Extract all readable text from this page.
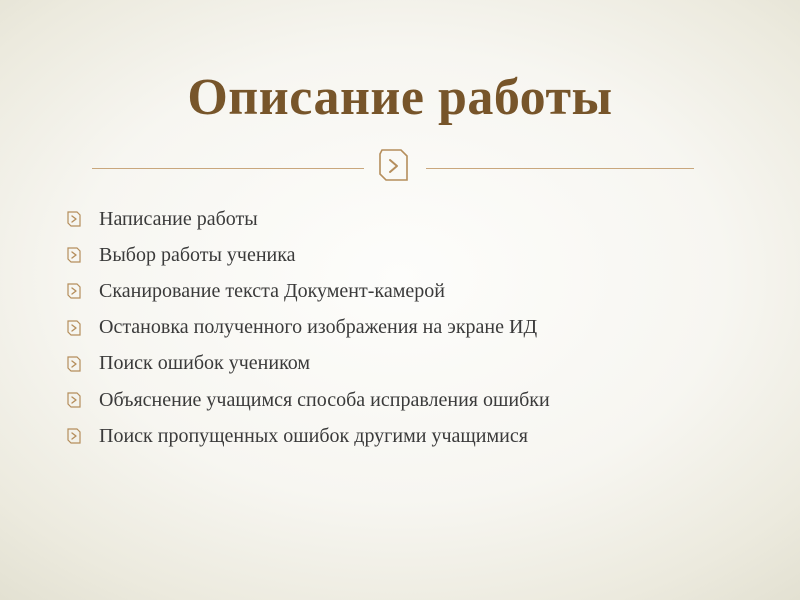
Описание работы
Написание работы
Выбор работы ученика
Сканирование текста Документ-камерой
Остановка полученного изображения на экране ИД
Поиск ошибок учеником
Объяснение учащимся способа исправления ошибки
Поиск пропущенных ошибок другими учащимися
